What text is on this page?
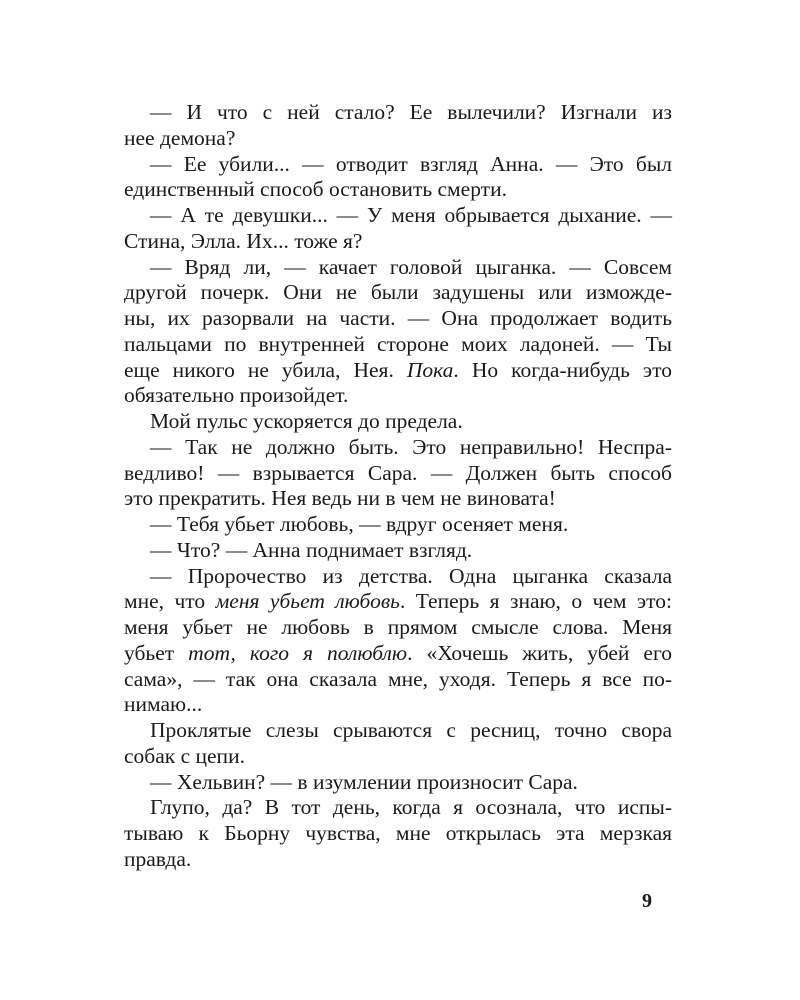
— И что с ней стало? Ее вылечили? Изгнали из
нее демона?
— Ее убили... — отводит взгляд Анна. — Это был
единственный способ остановить смерти.
— А те девушки... — У меня обрывается дыхание. —
Стина, Элла. Их... тоже я?
— Вряд ли, — качает головой цыганка. — Совсем
другой почерк. Они не были задушены или изможде-
ны, их разорвали на части. — Она продолжает водить
пальцами по внутренней стороне моих ладоней. — Ты
еще никого не убила, Нея. Пока. Но когда-нибудь это
обязательно произойдет.
Мой пульс ускоряется до предела.
— Так не должно быть. Это неправильно! Неспра-
ведливо! — взрывается Сара. — Должен быть способ
это прекратить. Нея ведь ни в чем не виновата!
— Тебя убьет любовь, — вдруг осеняет меня.
— Что? — Анна поднимает взгляд.
— Пророчество из детства. Одна цыганка сказала
мне, что меня убьет любовь. Теперь я знаю, о чем это:
меня убьет не любовь в прямом смысле слова. Меня
убьет тот, кого я полюблю. «Хочешь жить, убей его
сама», — так она сказала мне, уходя. Теперь я все по-
нимаю...
Проклятые слезы срываются с ресниц, точно свора
собак с цепи.
— Хельвин? — в изумлении произносит Сара.
Глупо, да? В тот день, когда я осознала, что испы-
тываю к Бьорну чувства, мне открылась эта мерзкая
правда.
9
